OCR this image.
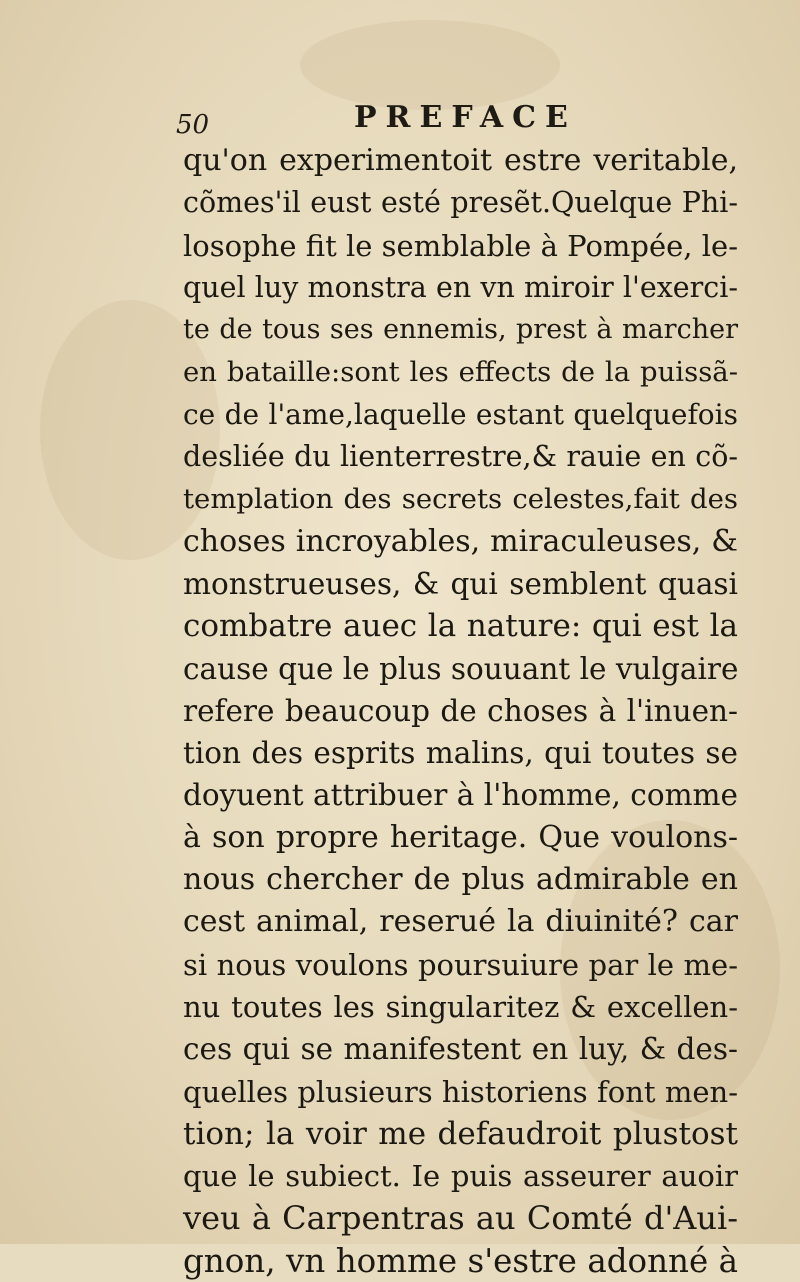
50	PREFACE
qu'on experimentoit estre veritable,
cõmes'il eust esté presẽt.Quelque Phi-
losophe fit le semblable à Pompée, le-
quel luy monstra en vn miroir l'exerci-
te de tous ses ennemis, prest à marcher
en bataille:sont les effects de la puissã-
ce de l'ame,laquelle estant quelquefois
desliée du lienterrestre,& rauie en cõ-
templation des secrets celestes,fait des
choses incroyables, miraculeuses, &
monstrueuses, & qui semblent quasi
combatre auec la nature: qui est la
cause que le plus souuant le vulgaire
refere beaucoup de choses à l'inuen-
tion des esprits malins, qui toutes se
doyuent attribuer à l'homme, comme
à son propre heritage. Que voulons-
nous chercher de plus admirable en
cest animal, reserué la diuinité? car
si nous voulons poursuiure par le me-
nu toutes les singularitez & excellen-
ces qui se manifestent en luy, & des-
quelles plusieurs historiens font men-
tion; la voir me defaudroit plustost
que le subiect. Ie puis asseurer auoir
veu à Carpentras au Comté d'Aui-
gnon, vn homme s'estre adonné à
